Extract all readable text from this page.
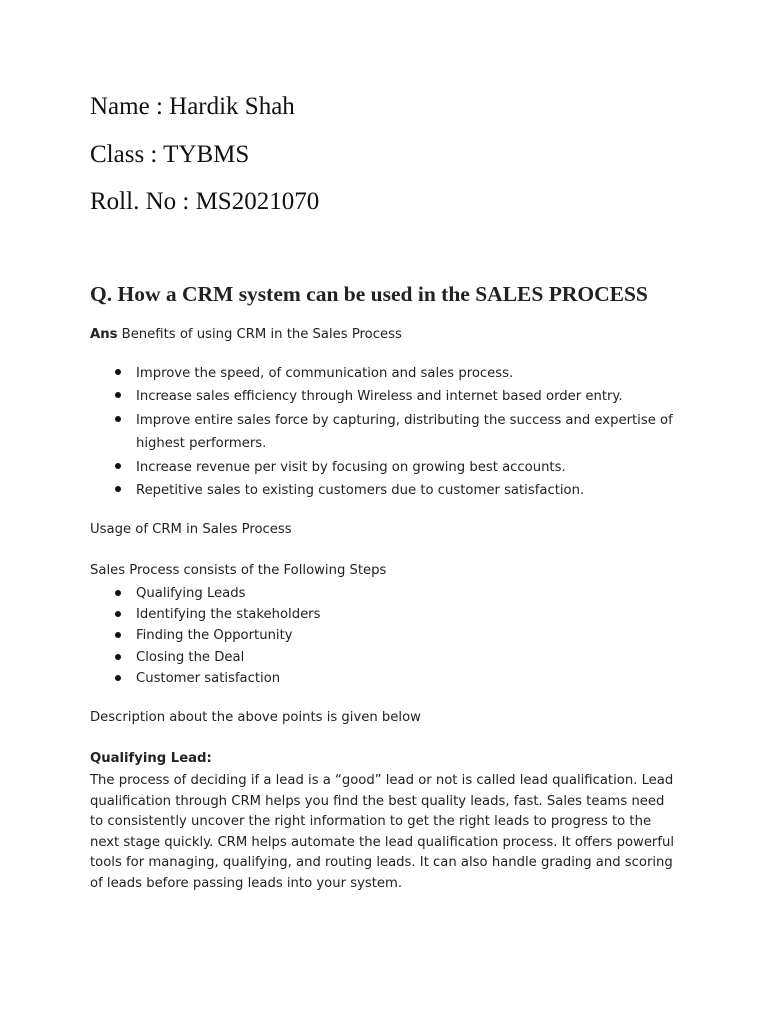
Name : Hardik Shah
Class : TYBMS
Roll. No : MS2021070
Q. How a CRM system can be used in the SALES PROCESS
Ans Benefits of using CRM in the Sales Process
Improve the speed, of communication and sales process.
Increase sales efficiency through Wireless and internet based order entry.
Improve entire sales force by capturing, distributing the success and expertise of
highest performers.
Increase revenue per visit by focusing on growing best accounts.
Repetitive sales to existing customers due to customer satisfaction.
Usage of CRM in Sales Process
Sales Process consists of the Following Steps
Qualifying Leads
Identifying the stakeholders
Finding the Opportunity
Closing the Deal
Customer satisfaction
Description about the above points is given below
Qualifying Lead:
The process of deciding if a lead is a “good” lead or not is called lead qualification. Lead
qualification through CRM helps you find the best quality leads, fast. Sales teams need
to consistently uncover the right information to get the right leads to progress to the
next stage quickly. CRM helps automate the lead qualification process. It offers powerful
tools for managing, qualifying, and routing leads. It can also handle grading and scoring
of leads before passing leads into your system.
